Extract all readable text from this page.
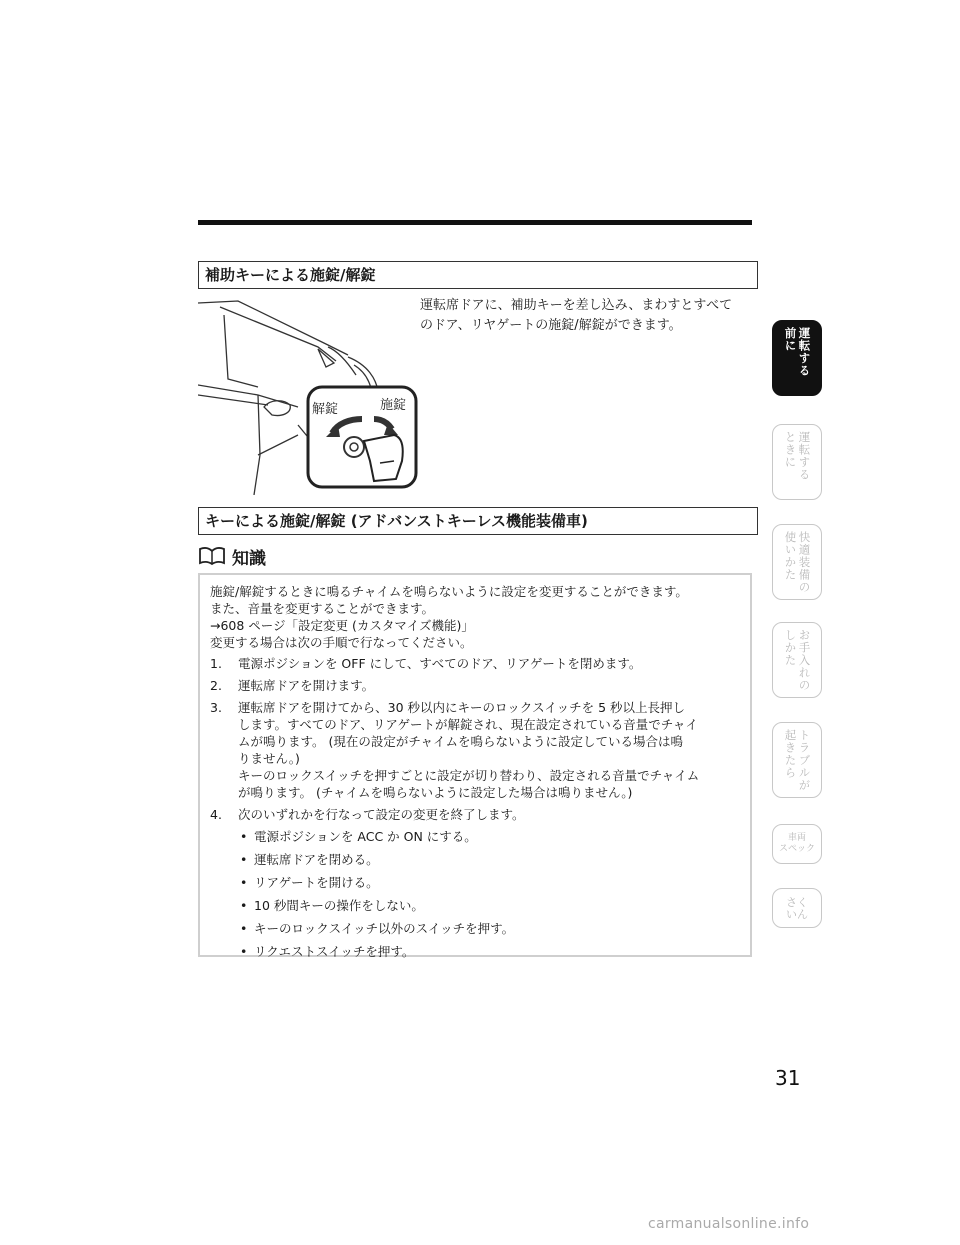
補助キーによる施錠/解錠
解錠	施錠
運転席ドアに、補助キーを差し込み、まわすとすべて
のドア、リヤゲートの施錠/解錠ができます。
キーによる施錠/解錠 (アドバンストキーレス機能装備車)
知識

施錠/解錠するときに鳴るチャイムを鳴らないように設定を変更することができます。

また、音量を変更することができます。

→608 ページ「設定変更 (カスタマイズ機能)」

変更する場合は次の手順で行なってください。

1. 電源ポジションを OFF にして、すべてのドア、リアゲートを閉めます。
2. 運転席ドアを開けます。
3. 運転席ドアを開けてから、30 秒以内にキーのロックスイッチを 5 秒以上長押し
します。すべてのドア、リアゲートが解錠され、現在設定されている音量でチャイ
ムが鳴ります。 (現在の設定がチャイムを鳴らないように設定している場合は鳴
りません。)
キーのロックスイッチを押すごとに設定が切り替わり、設定される音量でチャイム
が鳴ります。 (チャイムを鳴らないように設定した場合は鳴りません。)
4. 次のいずれかを行なって設定の変更を終了します。
• 電源ポジションを ACC か ON にする。
• 運転席ドアを閉める。
• リアゲートを開ける。
• 10 秒間キーの操作をしない。
• キーのロックスイッチ以外のスイッチを押す。
• リクエストスイッチを押す。
運転する
前に
運転する
ときに
快適装備の
使いかた
お手入れの
しかた
トラブルが
起きたら
車両
スペック
さく
いん
31
carmanualsonline.info
